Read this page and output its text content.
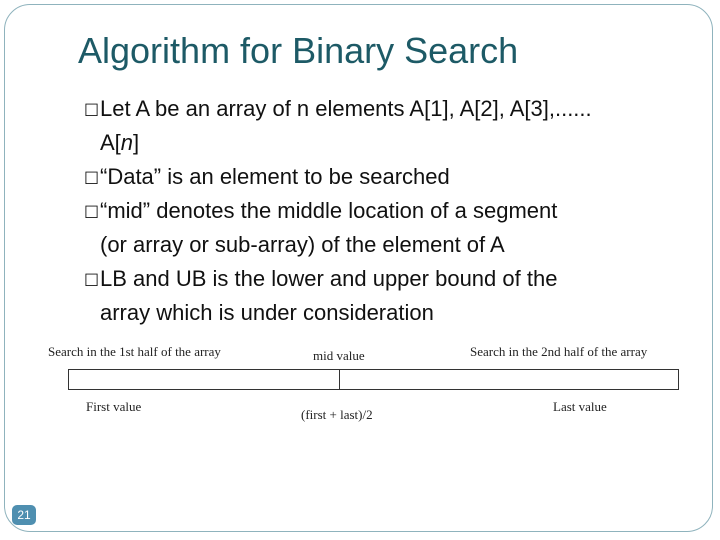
Algorithm for Binary Search
□ Let A be an array of n elements A[1], A[2], A[3],......
A[n]
□ “Data” is an element to be searched
□ “mid” denotes the middle location of a segment
(or array or sub-array) of the element of A
□ LB and UB is the lower and upper bound of the
array which is under consideration
Search in the 1st half of the array	mid value	Search in the 2nd half of the array
First value
(first + last)/2
Last value
21
